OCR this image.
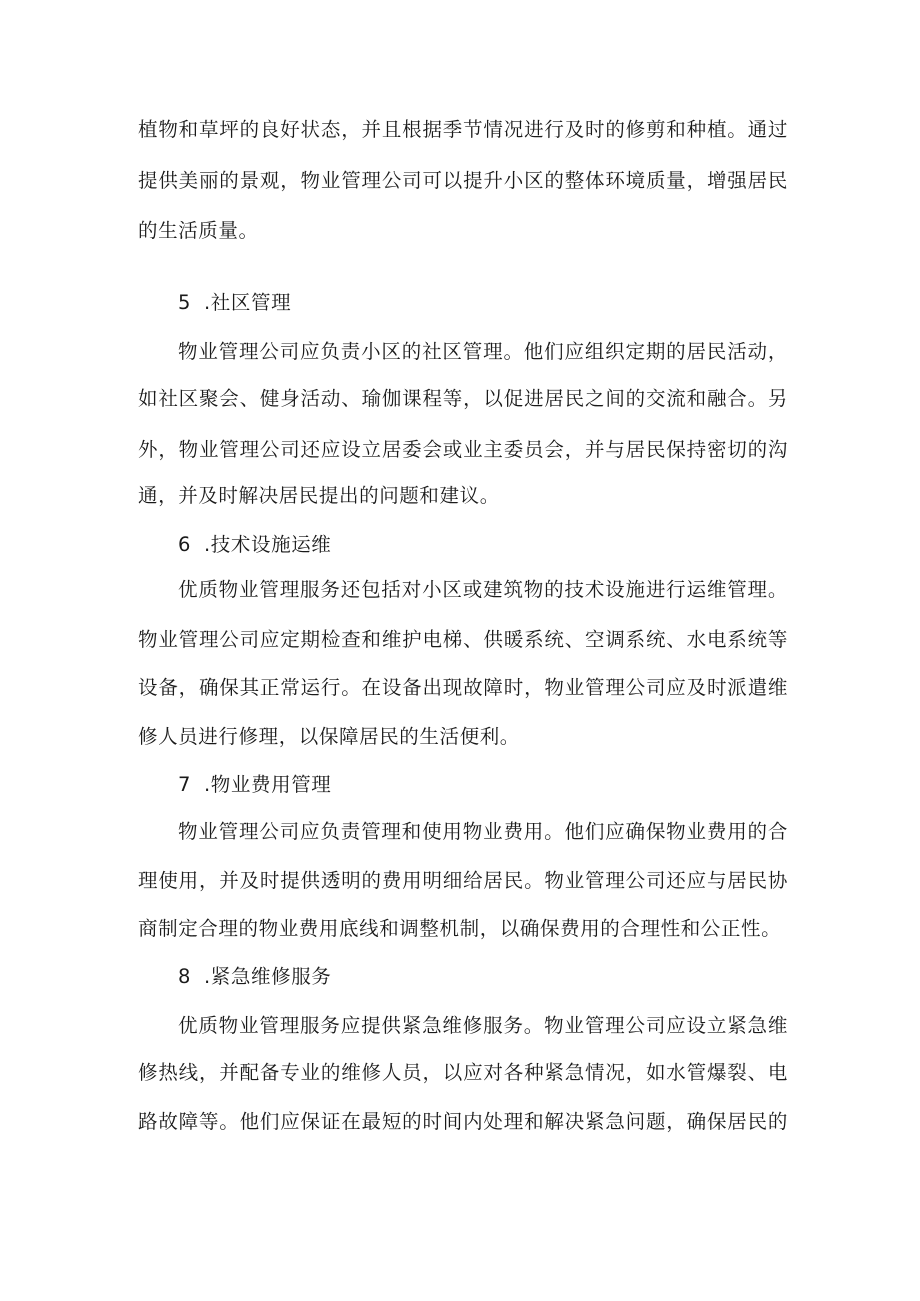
植物和草坪的良好状态，并且根据季节情况进行及时的修剪和种植。通过
提供美丽的景观，物业管理公司可以提升小区的整体环境质量，增强居民
的生活质量。
5 .社区管理
物业管理公司应负责小区的社区管理。他们应组织定期的居民活动，
如社区聚会、健身活动、瑜伽课程等，以促进居民之间的交流和融合。另
外，物业管理公司还应设立居委会或业主委员会，并与居民保持密切的沟
通，并及时解决居民提出的问题和建议。
6 .技术设施运维
优质物业管理服务还包括对小区或建筑物的技术设施进行运维管理。
物业管理公司应定期检查和维护电梯、供暖系统、空调系统、水电系统等
设备，确保其正常运行。在设备出现故障时，物业管理公司应及时派遣维
修人员进行修理，以保障居民的生活便利。
7 .物业费用管理
物业管理公司应负责管理和使用物业费用。他们应确保物业费用的合
理使用，并及时提供透明的费用明细给居民。物业管理公司还应与居民协
商制定合理的物业费用底线和调整机制，以确保费用的合理性和公正性。
8 .紧急维修服务
优质物业管理服务应提供紧急维修服务。物业管理公司应设立紧急维
修热线，并配备专业的维修人员，以应对各种紧急情况，如水管爆裂、电
路故障等。他们应保证在最短的时间内处理和解决紧急问题，确保居民的
